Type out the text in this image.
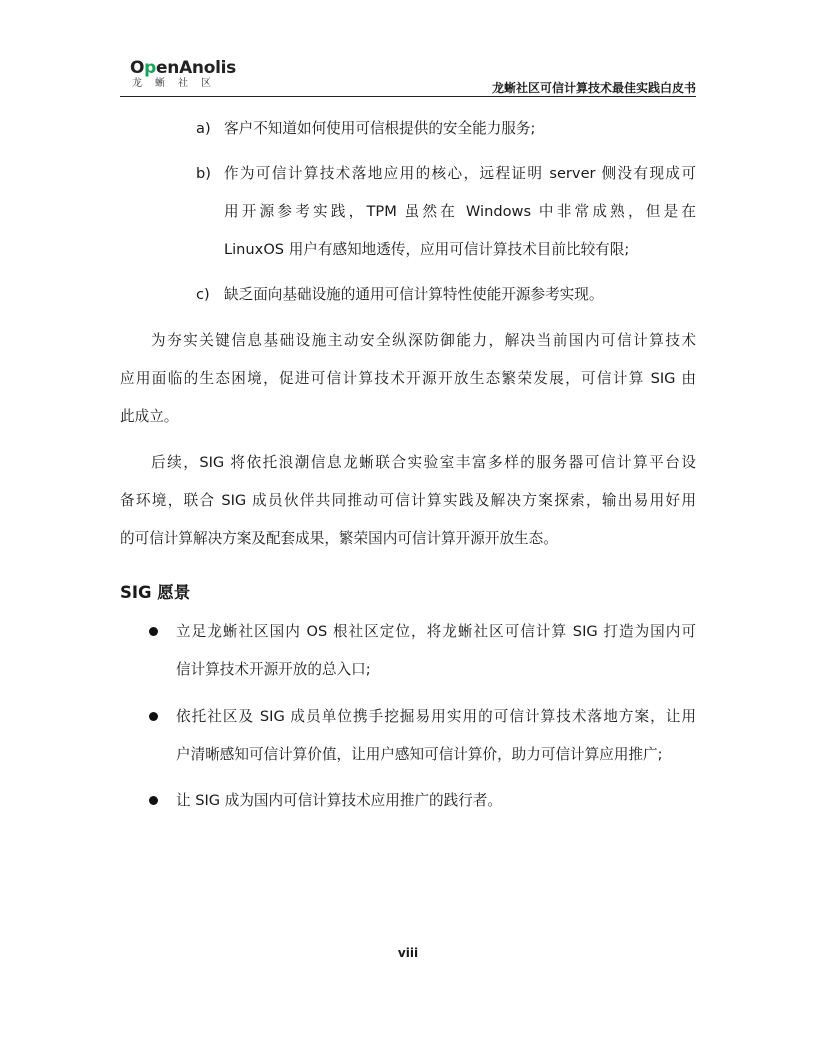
OpenAnolis
龙蜥社区	龙蜥社区可信计算技术最佳实践白皮书
a) 客户不知道如何使用可信根提供的安全能力服务;
b) 作为可信计算技术落地应用的核心，远程证明 server 侧没有现成可
用开源参考实践，TPM 虽然在 Windows 中非常成熟，但是在
LinuxOS 用户有感知地透传，应用可信计算技术目前比较有限;
c) 缺乏面向基础设施的通用可信计算特性使能开源参考实现。
为夯实关键信息基础设施主动安全纵深防御能力，解决当前国内可信计算技术
应用面临的生态困境，促进可信计算技术开源开放生态繁荣发展，可信计算 SIG 由
此成立。
后续，SIG 将依托浪潮信息龙蜥联合实验室丰富多样的服务器可信计算平台设
备环境，联合 SIG 成员伙伴共同推动可信计算实践及解决方案探索，输出易用好用
的可信计算解决方案及配套成果，繁荣国内可信计算开源开放生态。
SIG 愿景
立足龙蜥社区国内 OS 根社区定位，将龙蜥社区可信计算 SIG 打造为国内可
信计算技术开源开放的总入口;
依托社区及 SIG 成员单位携手挖掘易用实用的可信计算技术落地方案，让用
户清晰感知可信计算价值，让用户感知可信计算价，助力可信计算应用推广;
让 SIG 成为国内可信计算技术应用推广的践行者。
viii
